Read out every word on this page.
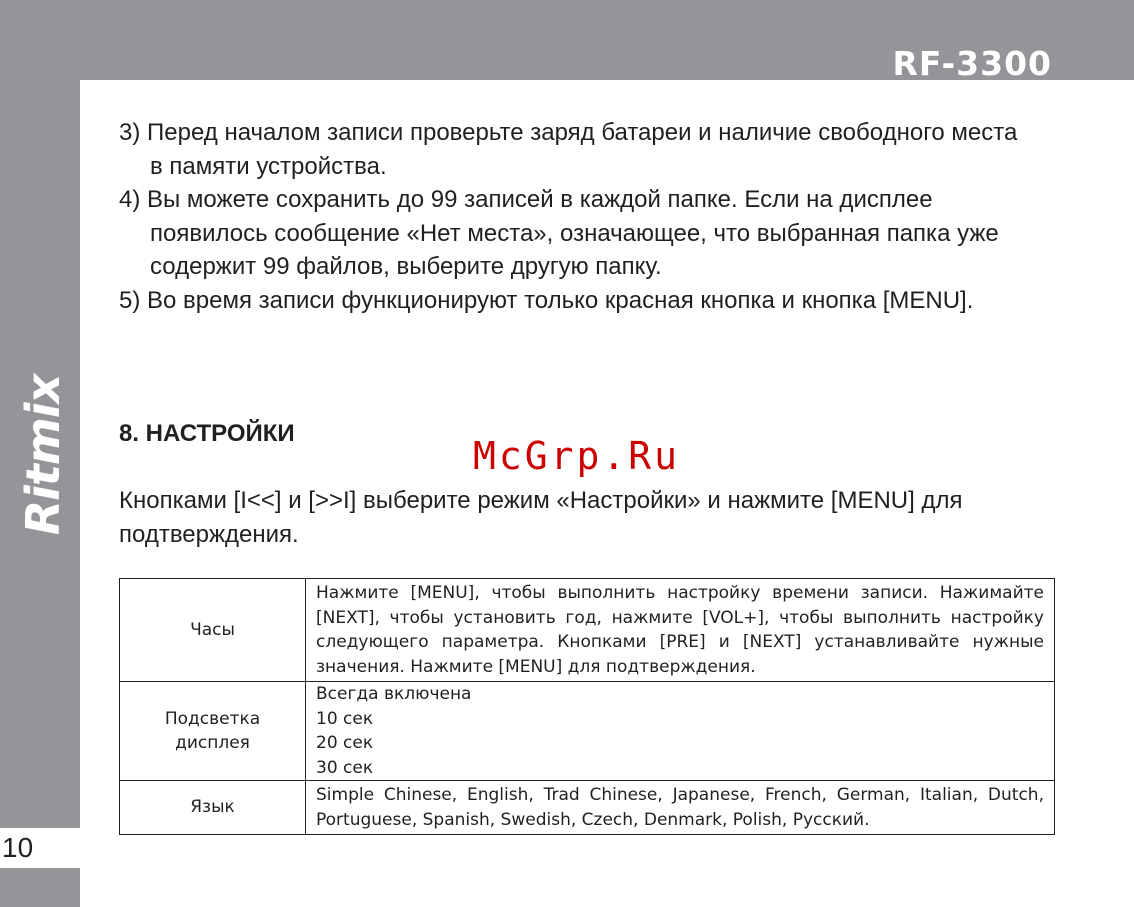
RF-3300
Ritmix
10
3) Перед началом записи проверьте заряд батареи и наличие свободного места в памяти устройства.
4) Вы можете сохранить до 99 записей в каждой папке. Если на дисплее появилось сообщение «Нет места», означающее, что выбранная папка уже содержит 99 файлов, выберите другую папку.
5) Во время записи функционируют только красная кнопка и кнопка [MENU].
8. НАСТРОЙКИ
McGrp.Ru

Кнопками [I<<] и [>>I] выберите режим «Настройки» и нажмите [MENU] для подтверждения.

Часы	Нажмите [MENU], чтобы выполнить настройку времени записи. Нажимайте [NEXT], чтобы установить год, нажмите [VOL+], чтобы выполнить настройку следующего параметра. Кнопками [PRE] и [NEXT] устанавливайте нужные значения. Нажмите [MENU] для подтверждения.
Подсветка дисплея	Всегда включена
10 сек
20 сек
30 сек

Язык	Simple Chinese, English, Trad Chinese, Japanese, French, German, Italian, Dutch, Portuguese, Spanish, Swedish, Czech, Denmark, Polish, Русский.
